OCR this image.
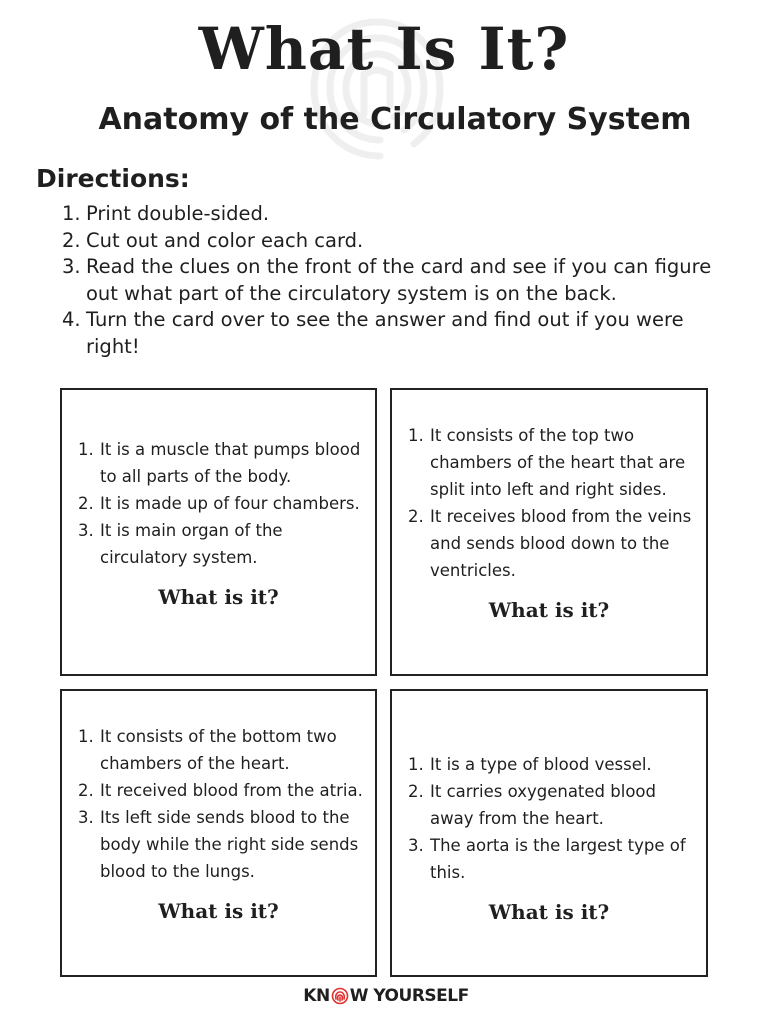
What Is It?
Anatomy of the Circulatory System
Directions:
1. Print double-sided.
2. Cut out and color each card.
3. Read the clues on the front of the card and see if you can figure out what part of the circulatory system is on the back.
4. Turn the card over to see the answer and find out if you were right!
1. It is a muscle that pumps blood to all parts of the body.
2. It is made up of four chambers.
3. It is main organ of the circulatory system.
What is it?
1. It consists of the top two chambers of the heart that are split into left and right sides.
2. It receives blood from the veins and sends blood down to the ventricles.
What is it?
1. It consists of the bottom two chambers of the heart.
2. It received blood from the atria.
3. Its left side sends blood to the body while the right side sends blood to the lungs.
What is it?
1. It is a type of blood vessel.
2. It carries oxygenated blood away from the heart.
3. The aorta is the largest type of this.
What is it?
KN W YOURSELF
